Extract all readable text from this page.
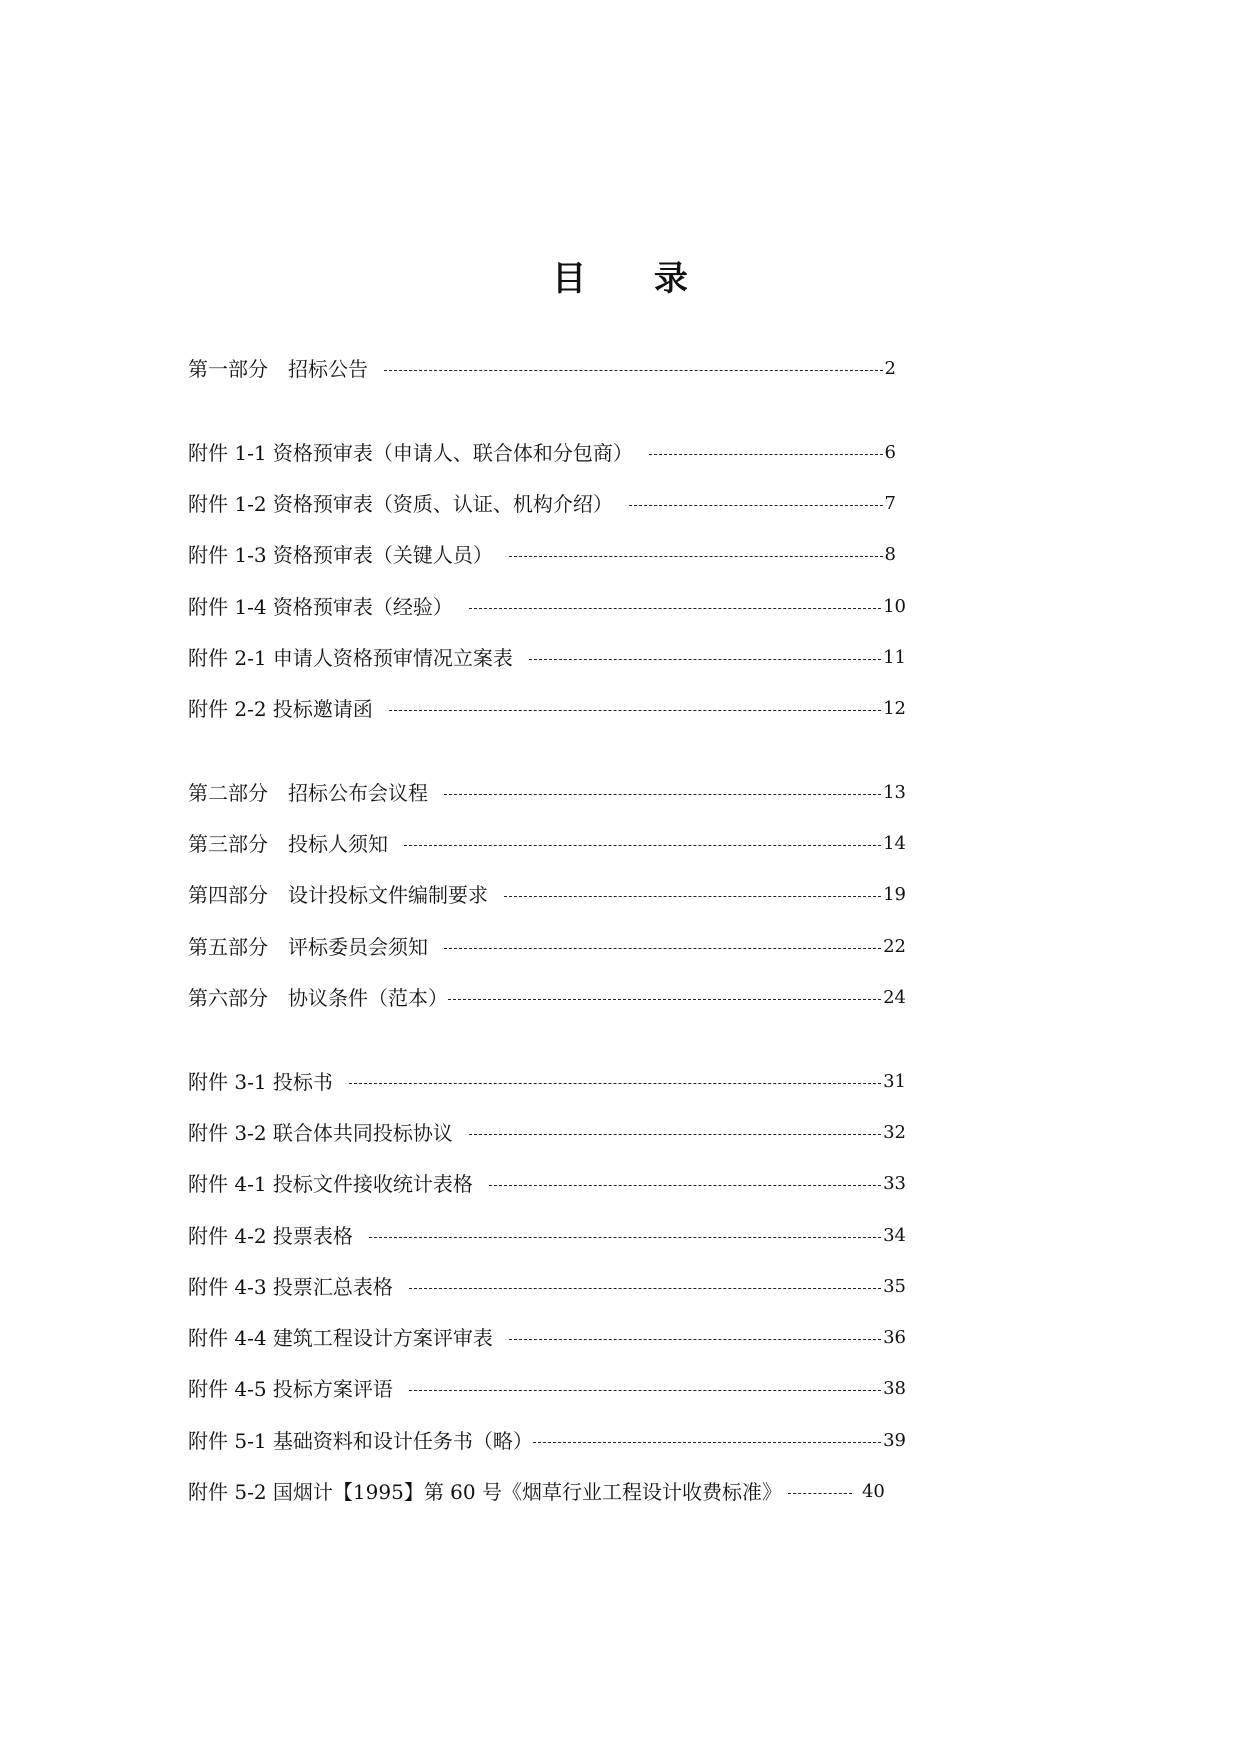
目 录
第一部分　招标公告	2
附件 1-1 资格预审表（申请人、联合体和分包商）	6
附件 1-2 资格预审表（资质、认证、机构介绍）	7
附件 1-3 资格预审表（关键人员）	8
附件 1-4 资格预审表（经验）	10
附件 2-1 申请人资格预审情况立案表	11
附件 2-2 投标邀请函	12
第二部分　招标公布会议程	13
第三部分　投标人须知	14
第四部分　设计投标文件编制要求	19
第五部分　评标委员会须知	22
第六部分　协议条件（范本）	24
附件 3-1 投标书	31
附件 3-2 联合体共同投标协议	32
附件 4-1 投标文件接收统计表格	33
附件 4-2 投票表格	34
附件 4-3 投票汇总表格	35
附件 4-4 建筑工程设计方案评审表	36
附件 4-5 投标方案评语	38
附件 5-1 基础资料和设计任务书（略）	39
附件 5-2 国烟计【1995】第 60 号《烟草行业工程设计收费标准》	40
